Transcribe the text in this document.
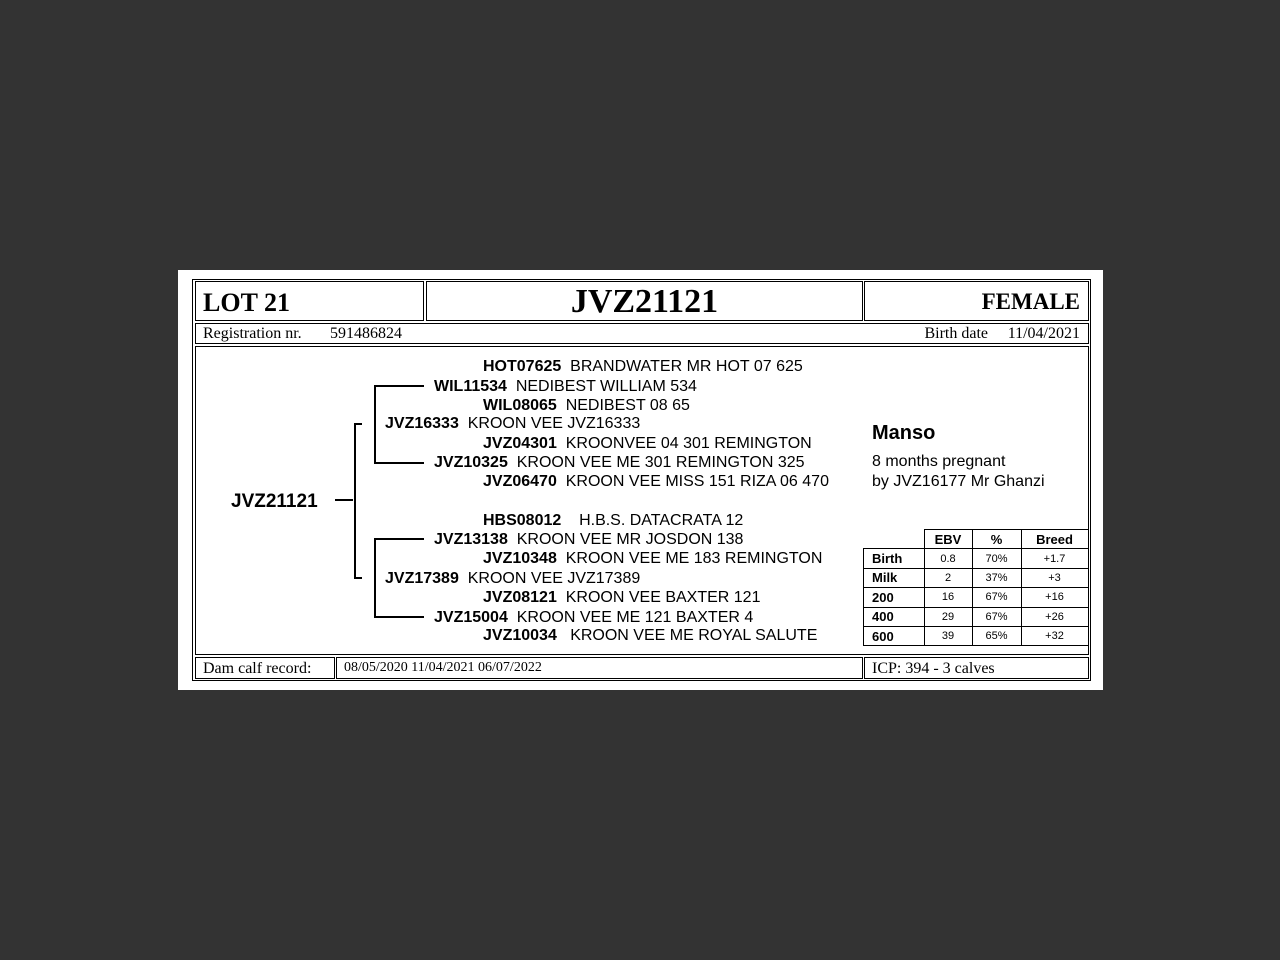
LOT 21	JVZ21121	FEMALE
Registration nr. 591486824	Birth date 11/04/2021
JVZ21121
HOT07625 BRANDWATER MR HOT 07 625
WIL11534 NEDIBEST WILLIAM 534
WIL08065 NEDIBEST 08 65
JVZ16333 KROON VEE JVZ16333
JVZ04301 KROONVEE 04 301 REMINGTON
JVZ10325 KROON VEE ME 301 REMINGTON 325
JVZ06470 KROON VEE MISS 151 RIZA 06 470
HBS08012 H.B.S. DATACRATA 12
JVZ13138 KROON VEE MR JOSDON 138
JVZ10348 KROON VEE ME 183 REMINGTON
JVZ17389 KROON VEE JVZ17389
JVZ08121 KROON VEE BAXTER 121
JVZ15004 KROON VEE ME 121 BAXTER 4
JVZ10034 KROON VEE ME ROYAL SALUTE
Manso
8 months pregnant
by JVZ16177 Mr Ghanzi
	EBV	%	Breed
Birth	0.8	70%	+1.7
Milk	2	37%	+3
200	16	67%	+16
400	29	67%	+26
600	39	65%	+32
Dam calf record: 08/05/2020 11/04/2021 06/07/2022	ICP: 394 - 3 calves
